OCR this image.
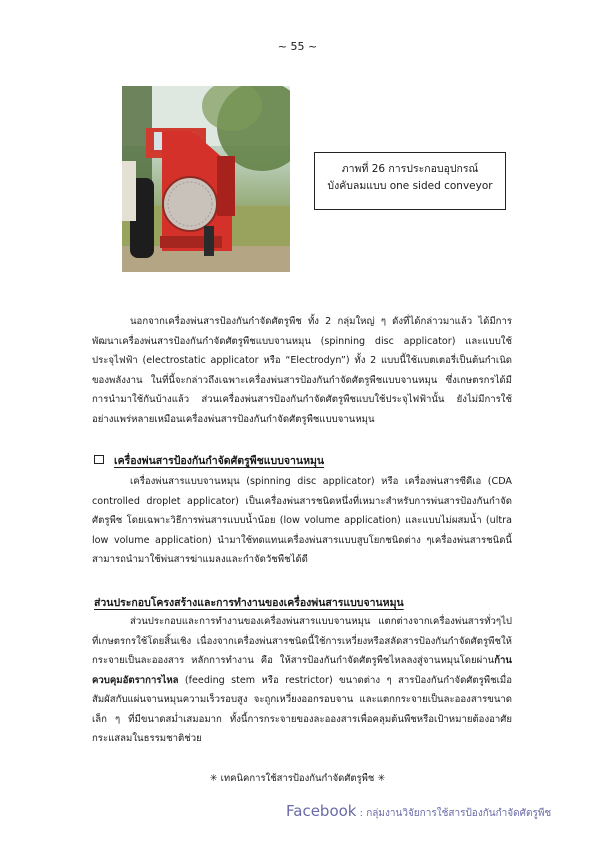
~ 55 ~
ภาพที่ 26 การประกอบอุปกรณ์
บังคับลมแบบ one sided conveyor

นอกจากเครื่องพ่นสารป้องกันกำจัดศัตรูพืช ทั้ง 2 กลุ่มใหญ่ ๆ ดังที่ได้กล่าวมาแล้ว ได้มีการพัฒนาเครื่องพ่นสารป้องกันกำจัดศัตรูพืชแบบจานหมุน (spinning disc applicator) และแบบใช้ประจุไฟฟ้า (electrostatic applicator หรือ “Electrodyn”) ทั้ง 2 แบบนี้ใช้แบตเตอรี่เป็นต้นกำเนิดของพลังงาน ในที่นี้จะกล่าวถึงเฉพาะเครื่องพ่นสารป้องกันกำจัดศัตรูพืชแบบจานหมุน ซึ่งเกษตรกรได้มีการนำมาใช้กันบ้างแล้ว ส่วนเครื่องพ่นสารป้องกันกำจัดศัตรูพืชแบบใช้ประจุไฟฟ้านั้น ยังไม่มีการใช้อย่างแพร่หลายเหมือนเครื่องพ่นสารป้องกันกำจัดศัตรูพืชแบบจานหมุน

เครื่องพ่นสารป้องกันกำจัดศัตรูพืชแบบจานหมุน

เครื่องพ่นสารแบบจานหมุน (spinning disc applicator) หรือ เครื่องพ่นสารซีดีเอ (CDA controlled droplet applicator) เป็นเครื่องพ่นสารชนิดหนึ่งที่เหมาะสำหรับการพ่นสารป้องกันกำจัดศัตรูพืช โดยเฉพาะวิธีการพ่นสารแบบน้ำน้อย (low volume application) และแบบไม่ผสมน้ำ (ultra low volume application) นำมาใช้ทดแทนเครื่องพ่นสารแบบสูบโยกชนิดต่าง ๆเครื่องพ่นสารชนิดนี้สามารถนำมาใช้พ่นสารฆ่าแมลงและกำจัดวัชพืชได้ดี

ส่วนประกอบโครงสร้างและการทำงานของเครื่องพ่นสารแบบจานหมุน

ส่วนประกอบและการทำงานของเครื่องพ่นสารแบบจานหมุน แตกต่างจากเครื่องพ่นสารทั่วๆไปที่เกษตรกรใช้โดยสิ้นเชิง เนื่องจากเครื่องพ่นสารชนิดนี้ใช้การเหวี่ยงหรือสลัดสารป้องกันกำจัดศัตรูพืชให้กระจายเป็นละอองสาร หลักการทำงาน คือ ให้สารป้องกันกำจัดศัตรูพืชไหลลงสู่จานหมุนโดยผ่านก้านควบคุมอัตราการไหล (feeding stem หรือ restrictor) ขนาดต่าง ๆ สารป้องกันกำจัดศัตรูพืชเมื่อสัมผัสกับแผ่นจานหมุนความเร็วรอบสูง จะถูกเหวี่ยงออกรอบจาน และแตกกระจายเป็นละอองสารขนาดเล็ก ๆ ที่มีขนาดสม่ำเสมอมาก ทั้งนี้การกระจายของละอองสารเพื่อคลุมต้นพืชหรือเป้าหมายต้องอาศัยกระแสลมในธรรมชาติช่วย

✳ เทคนิคการใช้สารป้องกันกำจัดศัตรูพืช ✳
Facebook : กลุ่มงานวิจัยการใช้สารป้องกันกำจัดศัตรูพืช
